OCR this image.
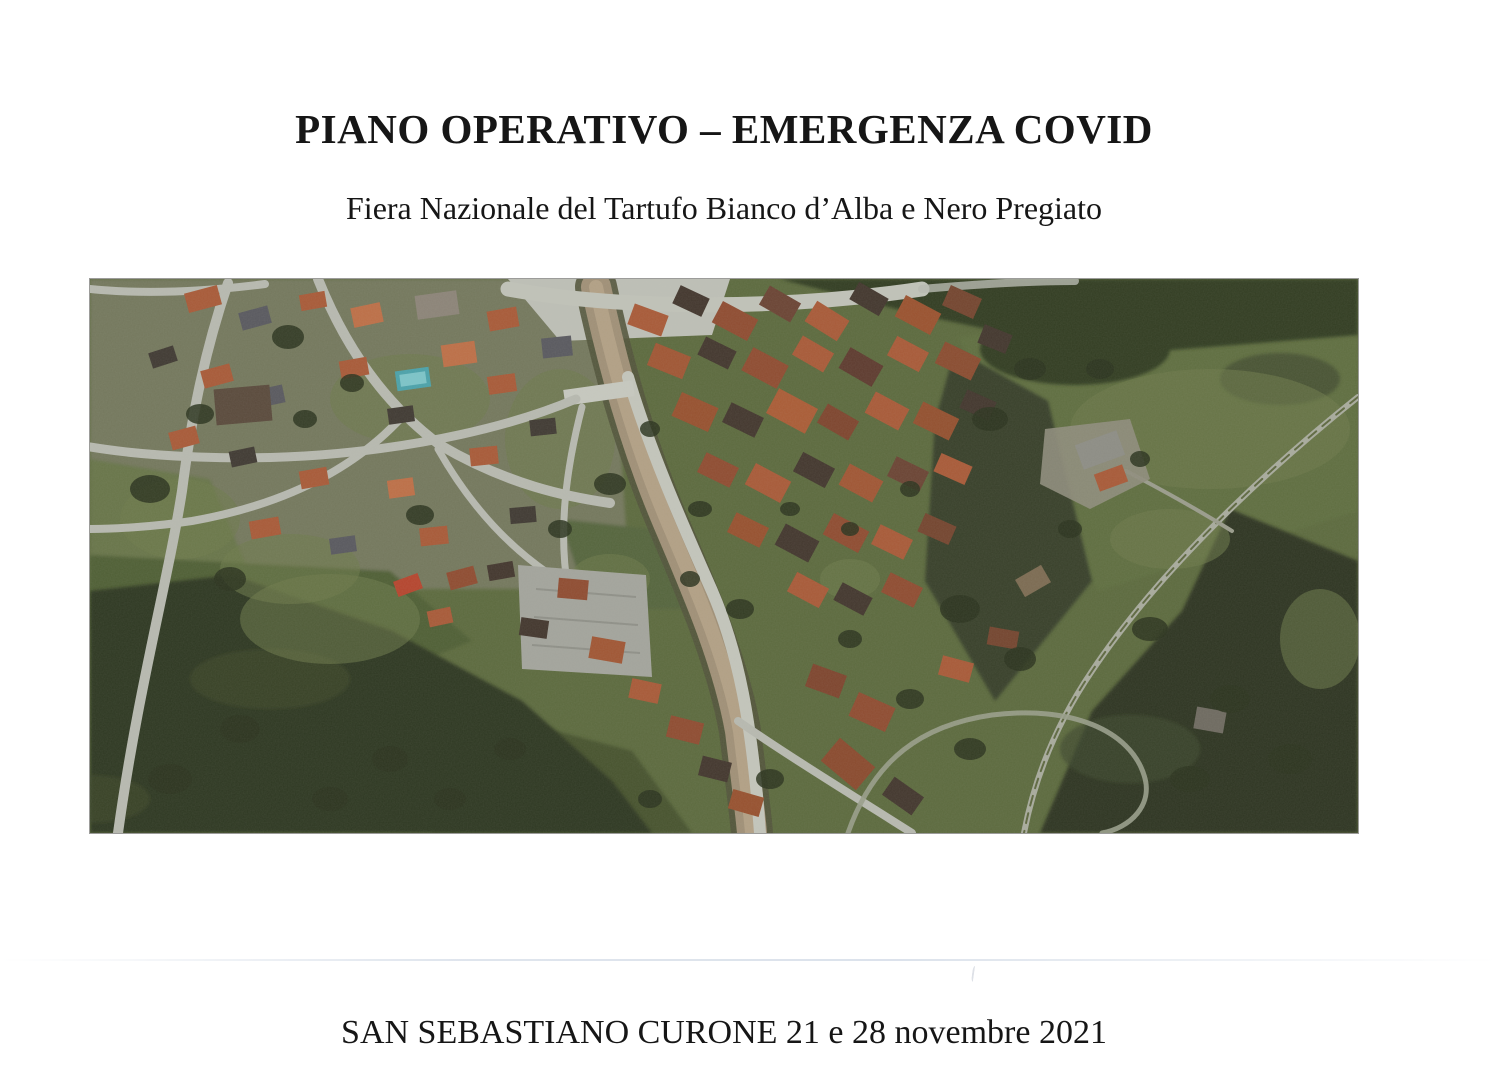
PIANO OPERATIVO – EMERGENZA COVID
Fiera Nazionale del Tartufo Bianco d’Alba e Nero Pregiato
SAN SEBASTIANO CURONE 21 e 28 novembre 2021
